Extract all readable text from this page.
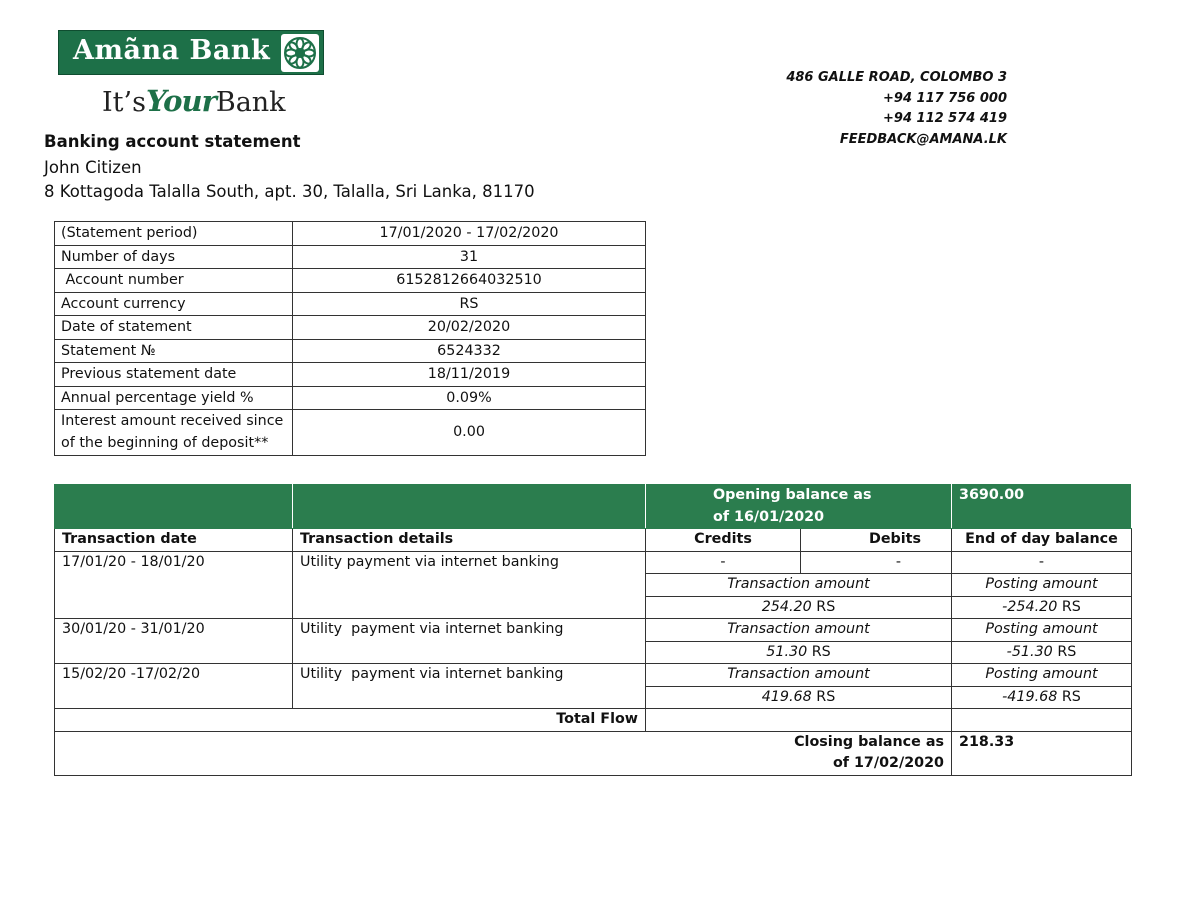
Amãna Bank
It’sYourBank
486 GALLE ROAD, COLOMBO 3
+94 117 756 000
+94 112 574 419
FEEDBACK@AMANA.LK
Banking account statement
John Citizen
8 Kottagoda Talalla South, apt. 30, Talalla, Sri Lanka, 81170
(Statement period)	17/01/2020 - 17/02/2020
Number of days	31
Account number	6152812664032510
Account currency	RS
Date of statement	20/02/2020
Statement №	6524332
Previous statement date	18/11/2019
Annual percentage yield %	0.09%
Interest amount received since of the beginning of deposit**	0.00
		Opening balance as of 16/01/2020		3690.00
Transaction date	Transaction details	Credits	Debits	End of day balance
17/01/20 - 18/01/20	Utility payment via internet banking	-	-	-
		Transaction amount		Posting amount
		254.20 RS		-254.20 RS
30/01/20 - 31/01/20	Utility  payment via internet banking	Transaction amount		Posting amount
		51.30 RS		-51.30 RS
15/02/20 -17/02/20	Utility  payment via internet banking	Transaction amount		Posting amount
		419.68 RS		-419.68 RS
Total Flow				
Closing balance as of 17/02/2020				218.33
